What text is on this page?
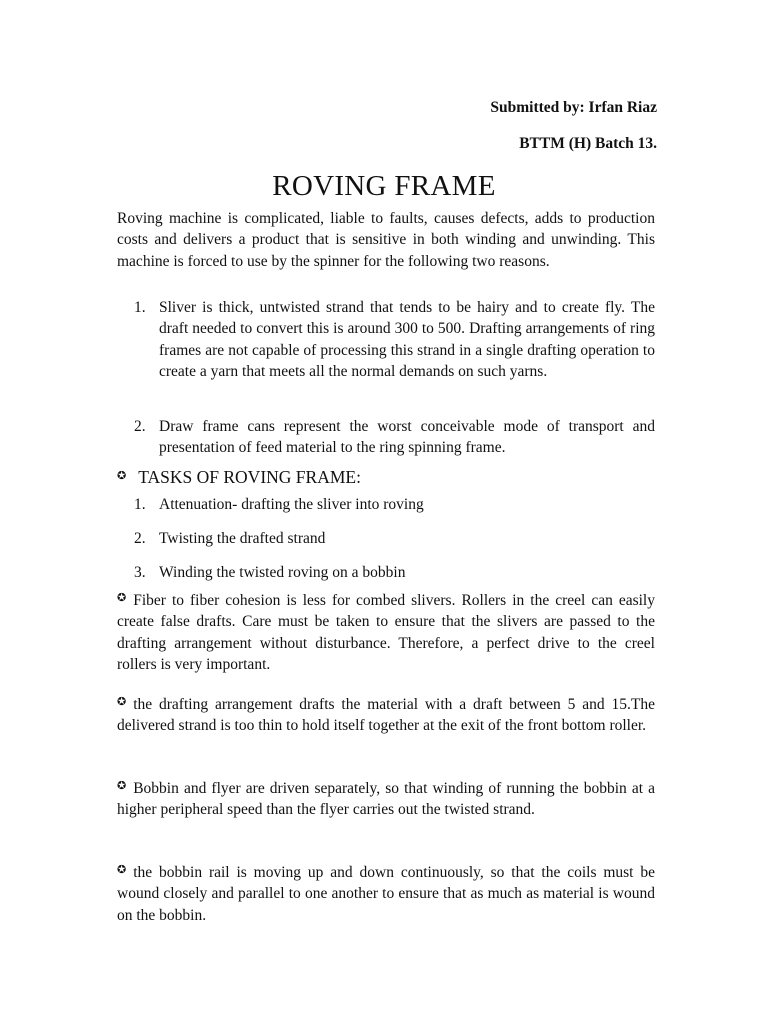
Submitted by: Irfan Riaz
BTTM (H) Batch 13.
ROVING FRAME
Roving machine is complicated, liable to faults, causes defects, adds to production costs and delivers a product that is sensitive in both winding and unwinding. This machine is forced to use by the spinner for the following two reasons.
1. Sliver is thick, untwisted strand that tends to be hairy and to create fly. The draft needed to convert this is around 300 to 500. Drafting arrangements of ring frames are not capable of processing this strand in a single drafting operation to create a yarn that meets all the normal demands on such yarns.
2. Draw frame cans represent the worst conceivable mode of transport and presentation of feed material to the ring spinning frame.
✪ TASKS OF ROVING FRAME:
1. Attenuation- drafting the sliver into roving
2. Twisting the drafted strand
3. Winding the twisted roving on a bobbin
✪ Fiber to fiber cohesion is less for combed slivers. Rollers in the creel can easily create false drafts. Care must be taken to ensure that the slivers are passed to the drafting arrangement without disturbance. Therefore, a perfect drive to the creel rollers is very important.
✪ the drafting arrangement drafts the material with a draft between 5 and 15.The delivered strand is too thin to hold itself together at the exit of the front bottom roller.
✪ Bobbin and flyer are driven separately, so that winding of running the bobbin at a higher peripheral speed than the flyer carries out the twisted strand.
✪ the bobbin rail is moving up and down continuously, so that the coils must be wound closely and parallel to one another to ensure that as much as material is wound on the bobbin.
